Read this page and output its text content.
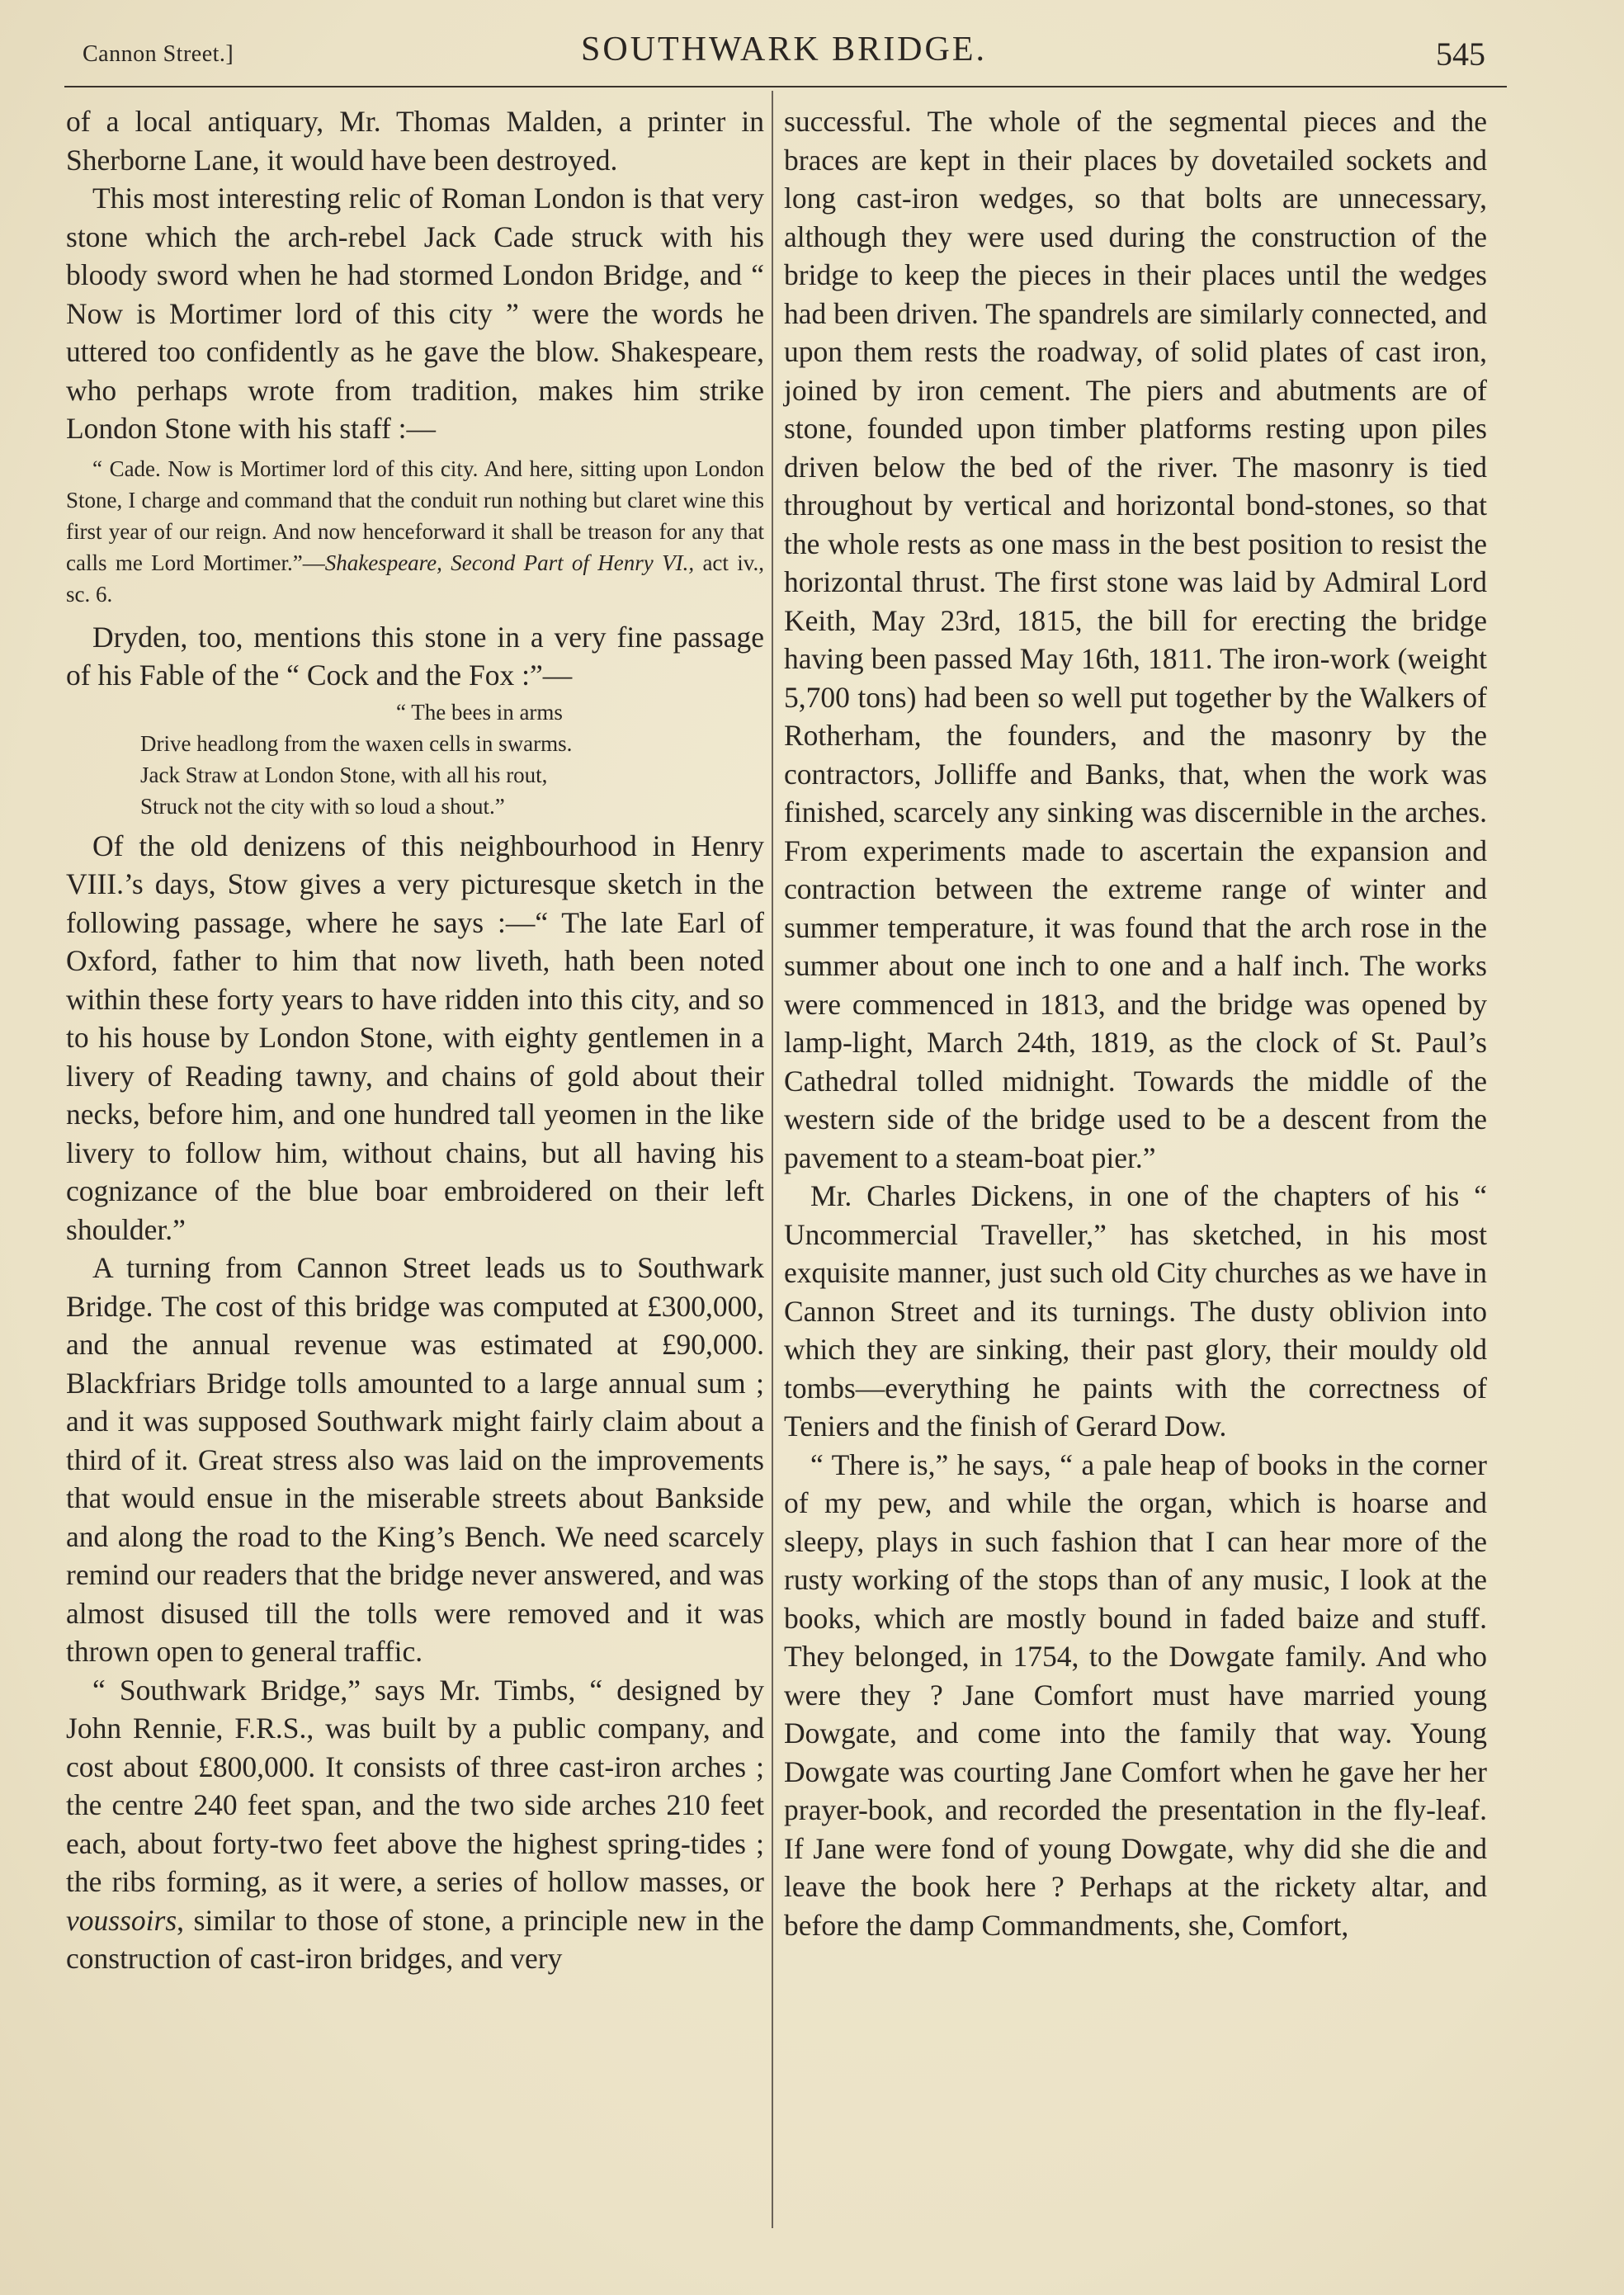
Cannon Street.]	SOUTHWARK BRIDGE.	545

of a local antiquary, Mr. Thomas Malden, a printer in Sherborne Lane, it would have been destroyed.

This most interesting relic of Roman London is that very stone which the arch-rebel Jack Cade struck with his bloody sword when he had stormed London Bridge, and “ Now is Mortimer lord of this city ” were the words he uttered too confidently as he gave the blow. Shakespeare, who perhaps wrote from tradition, makes him strike London Stone with his staff :—

“ Cade. Now is Mortimer lord of this city. And here, sitting upon London Stone, I charge and command that the conduit run nothing but claret wine this first year of our reign. And now henceforward it shall be treason for any that calls me Lord Mortimer.”—Shakespeare, Second Part of Henry VI., act iv., sc. 6.

Dryden, too, mentions this stone in a very fine passage of his Fable of the “ Cock and the Fox :”—

“ The bees in arms
Drive headlong from the waxen cells in swarms.
Jack Straw at London Stone, with all his rout,
Struck not the city with so loud a shout.”

Of the old denizens of this neighbourhood in Henry VIII.’s days, Stow gives a very picturesque sketch in the following passage, where he says :—“ The late Earl of Oxford, father to him that now liveth, hath been noted within these forty years to have ridden into this city, and so to his house by London Stone, with eighty gentlemen in a livery of Reading tawny, and chains of gold about their necks, before him, and one hundred tall yeomen in the like livery to follow him, without chains, but all having his cognizance of the blue boar embroidered on their left shoulder.”

A turning from Cannon Street leads us to Southwark Bridge. The cost of this bridge was computed at £300,000, and the annual revenue was estimated at £90,000. Blackfriars Bridge tolls amounted to a large annual sum ; and it was supposed Southwark might fairly claim about a third of it. Great stress also was laid on the improvements that would ensue in the miserable streets about Bankside and along the road to the King’s Bench. We need scarcely remind our readers that the bridge never answered, and was almost disused till the tolls were removed and it was thrown open to general traffic.

“ Southwark Bridge,” says Mr. Timbs, “ designed by John Rennie, F.R.S., was built by a public company, and cost about £800,000. It consists of three cast-iron arches ; the centre 240 feet span, and the two side arches 210 feet each, about forty-two feet above the highest spring-tides ; the ribs forming, as it were, a series of hollow masses, or voussoirs, similar to those of stone, a principle new in the construction of cast-iron bridges, and very

successful. The whole of the segmental pieces and the braces are kept in their places by dovetailed sockets and long cast-iron wedges, so that bolts are unnecessary, although they were used during the construction of the bridge to keep the pieces in their places until the wedges had been driven. The spandrels are similarly connected, and upon them rests the roadway, of solid plates of cast iron, joined by iron cement. The piers and abutments are of stone, founded upon timber platforms resting upon piles driven below the bed of the river. The masonry is tied throughout by vertical and horizontal bond-stones, so that the whole rests as one mass in the best position to resist the horizontal thrust. The first stone was laid by Admiral Lord Keith, May 23rd, 1815, the bill for erecting the bridge having been passed May 16th, 1811. The iron-work (weight 5,700 tons) had been so well put together by the Walkers of Rotherham, the founders, and the masonry by the contractors, Jolliffe and Banks, that, when the work was finished, scarcely any sinking was discernible in the arches. From experiments made to ascertain the expansion and contraction between the extreme range of winter and summer temperature, it was found that the arch rose in the summer about one inch to one and a half inch. The works were commenced in 1813, and the bridge was opened by lamp-light, March 24th, 1819, as the clock of St. Paul’s Cathedral tolled midnight. Towards the middle of the western side of the bridge used to be a descent from the pavement to a steam-boat pier.”

Mr. Charles Dickens, in one of the chapters of his “ Uncommercial Traveller,” has sketched, in his most exquisite manner, just such old City churches as we have in Cannon Street and its turnings. The dusty oblivion into which they are sinking, their past glory, their mouldy old tombs—everything he paints with the correctness of Teniers and the finish of Gerard Dow.

“ There is,” he says, “ a pale heap of books in the corner of my pew, and while the organ, which is hoarse and sleepy, plays in such fashion that I can hear more of the rusty working of the stops than of any music, I look at the books, which are mostly bound in faded baize and stuff. They belonged, in 1754, to the Dowgate family. And who were they ? Jane Comfort must have married young Dowgate, and come into the family that way. Young Dowgate was courting Jane Comfort when he gave her her prayer-book, and recorded the presentation in the fly-leaf. If Jane were fond of young Dowgate, why did she die and leave the book here ? Perhaps at the rickety altar, and before the damp Commandments, she, Comfort,
